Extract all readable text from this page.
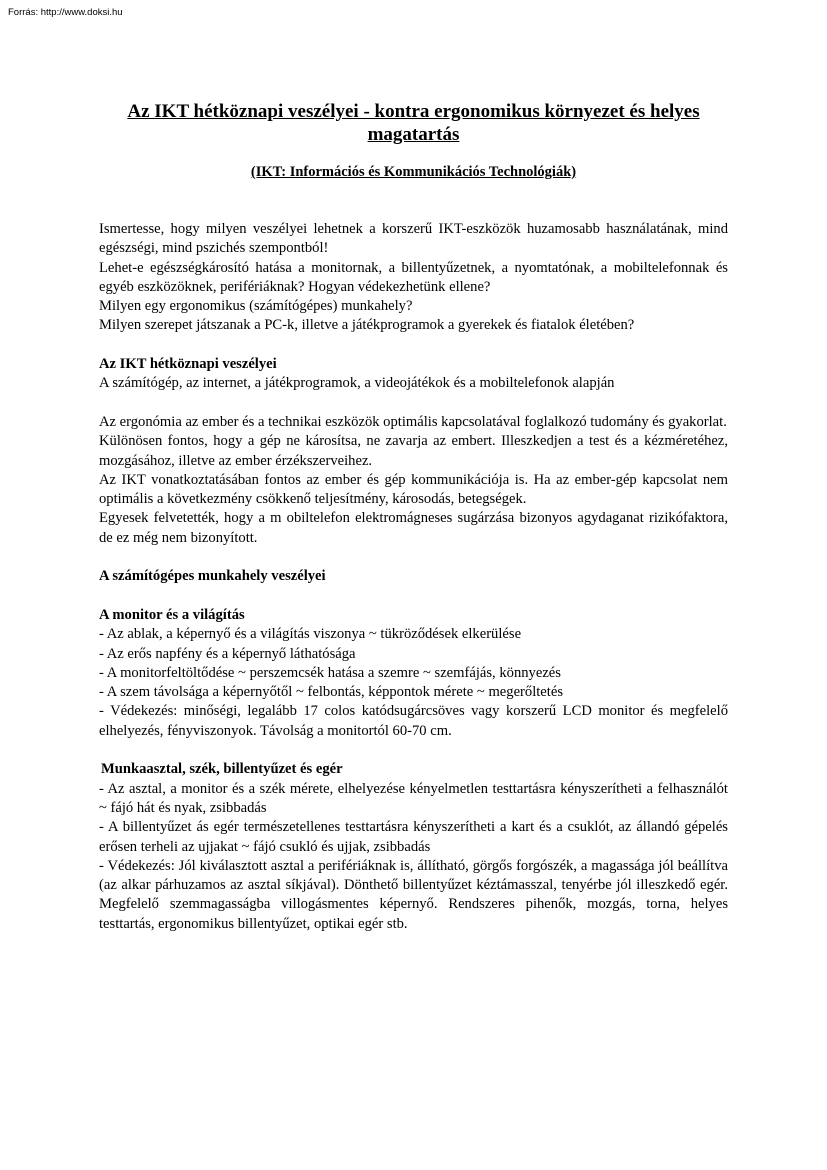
Forrás: http://www.doksi.hu
Az IKT hétköznapi veszélyei - kontra ergonomikus környezet és helyes magatartás
(IKT: Információs és Kommunikációs Technológiák)

Ismertesse, hogy milyen veszélyei lehetnek a korszerű IKT-eszközök huzamosabb használatának, mind egészségi, mind pszichés szempontból!

Lehet-e egészségkárosító hatása a monitornak, a billentyűzetnek, a nyomtatónak, a mobiltelefonnak és egyéb eszközöknek, perifériáknak? Hogyan védekezhetünk ellene?

Milyen egy ergonomikus (számítógépes) munkahely?

Milyen szerepet játszanak a PC-k, illetve a játékprogramok a gyerekek és fiatalok életében?

Az IKT hétköznapi veszélyei

A számítógép, az internet, a játékprogramok, a videojátékok és a mobiltelefonok alapján

Az ergonómia az ember és a technikai eszközök optimális kapcsolatával foglalkozó tudomány és gyakorlat.

Különösen fontos, hogy a gép ne károsítsa, ne zavarja az embert. Illeszkedjen a test és a kézméretéhez, mozgásához, illetve az ember érzékszerveihez.

Az IKT vonatkoztatásában fontos az ember és gép kommunikációja is. Ha az ember-gép kapcsolat nem optimális a következmény csökkenő teljesítmény, károsodás, betegségek.

Egyesek felvetették, hogy a m obiltelefon elektromágneses sugárzása bizonyos agydaganat rizikófaktora, de ez még nem bizonyított.

A számítógépes munkahely veszélyei

A monitor és a világítás

- Az ablak, a képernyő és a világítás viszonya ~ tükröződések elkerülése

- Az erős napfény és a képernyő láthatósága

- A monitorfeltöltődése ~ perszemcsék hatása a szemre ~ szemfájás, könnyezés

- A szem távolsága a képernyőtől ~ felbontás, képpontok mérete ~ megerőltetés

- Védekezés: minőségi, legalább 17 colos katódsugárcsöves vagy korszerű LCD monitor és megfelelő elhelyezés, fényviszonyok. Távolság a monitortól 60-70 cm.

Munkaasztal, szék, billentyűzet és egér

- Az asztal, a monitor és a szék mérete, elhelyezése kényelmetlen testtartásra kényszerítheti a felhasználót ~ fájó hát és nyak, zsibbadás

- A billentyűzet ás egér természetellenes testtartásra kényszerítheti a kart és a csuklót, az állandó gépelés erősen terheli az ujjakat ~ fájó csukló és ujjak, zsibbadás

- Védekezés: Jól kiválasztott asztal a perifériáknak is, állítható, görgős forgószék, a magassága jól beállítva (az alkar párhuzamos az asztal síkjával). Dönthető billentyűzet kéztámasszal, tenyérbe jól illeszkedő egér. Megfelelő szemmagasságba villogásmentes képernyő. Rendszeres pihenők, mozgás, torna, helyes testtartás, ergonomikus billentyűzet, optikai egér stb.
